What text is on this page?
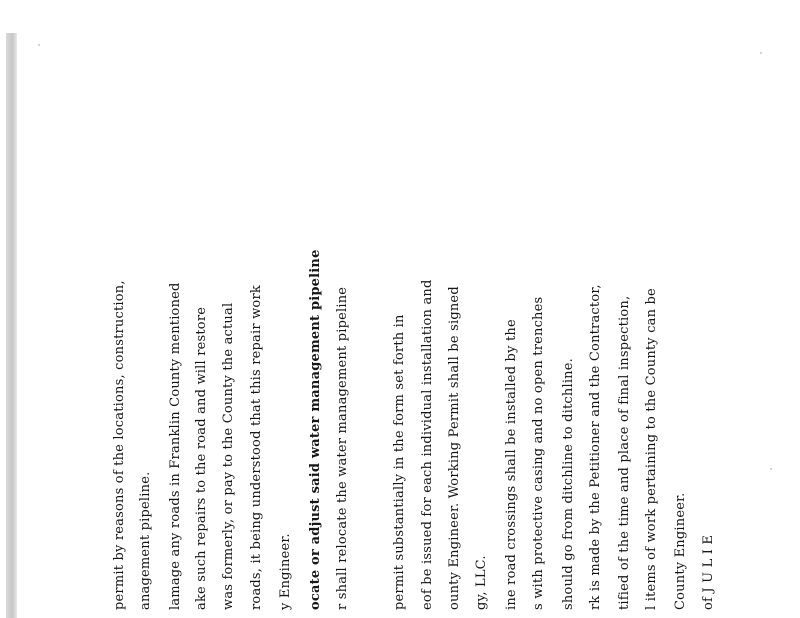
permit by reasons of the locations, construction, anagement pipeline. lamage any roads in Franklin County mentioned ake such repairs to the road and will restore was formerly, or pay to the County the actual roads, it being understood that this repair work y Engineer. ocate or adjust said water management pipeline r shall relocate the water management pipeline	permit substantially in the form set forth in eof be issued for each individual installation and ounty Engineer. Working Permit shall be signed gy, LLC. ine road crossings shall be installed by the s with protective casing and no open trenches should go from ditchline to ditchline. rk is made by the Petitioner and the Contractor, tified of the time and place of final inspection, l items of work pertaining to the County can be County Engineer. of J U L I E
